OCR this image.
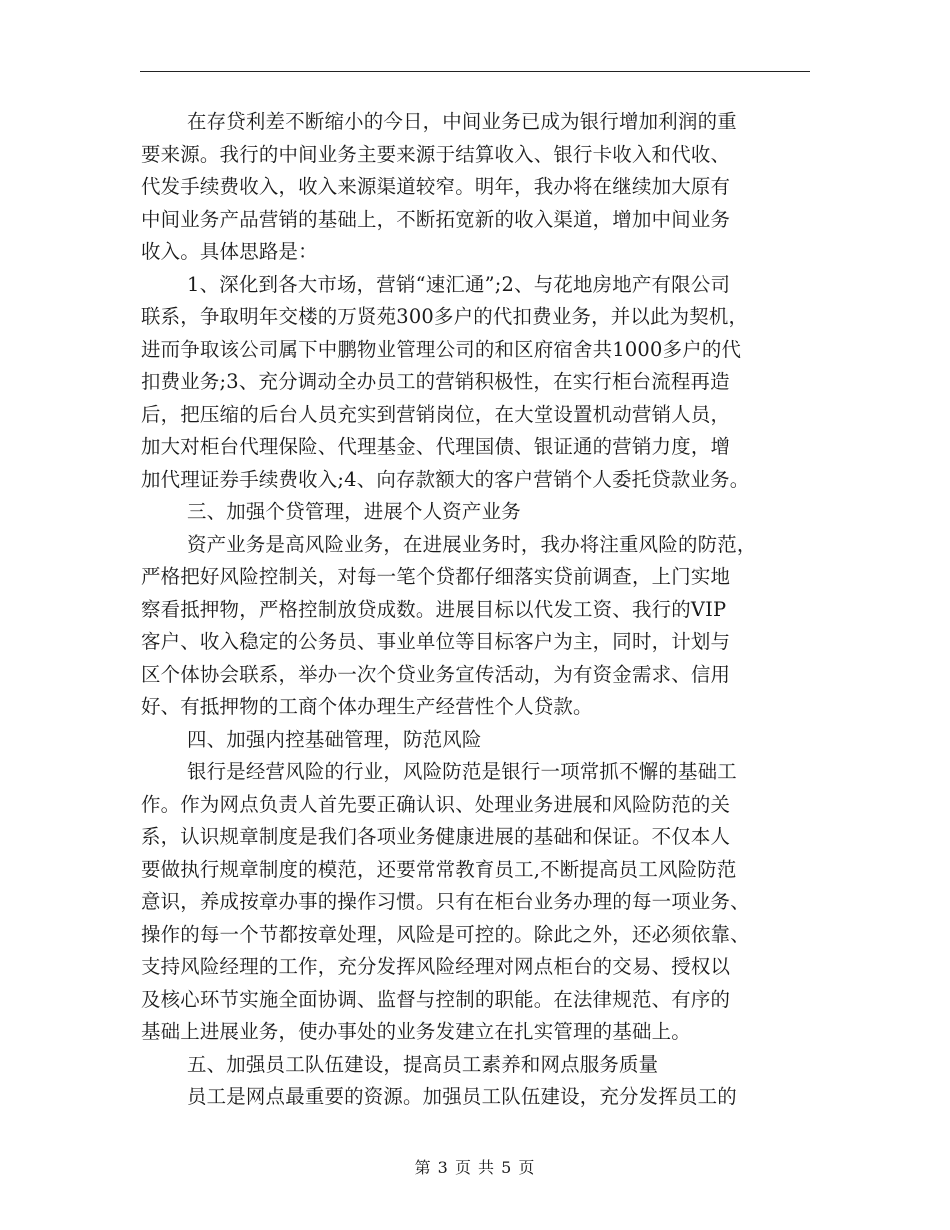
在存贷利差不断缩小的今日，中间业务已成为银行增加利润的重
要来源。我行的中间业务主要来源于结算收入、银行卡收入和代收、
代发手续费收入，收入来源渠道较窄。明年，我办将在继续加大原有
中间业务产品营销的基础上，不断拓宽新的收入渠道，增加中间业务
收入。具体思路是：
1、深化到各大市场，营销“速汇通”;2、与花地房地产有限公司
联系，争取明年交楼的万贤苑300多户的代扣费业务，并以此为契机，
进而争取该公司属下中鹏物业管理公司的和区府宿舍共1000多户的代
扣费业务;3、充分调动全办员工的营销积极性，在实行柜台流程再造
后，把压缩的后台人员充实到营销岗位，在大堂设置机动营销人员，
加大对柜台代理保险、代理基金、代理国债、银证通的营销力度，增
加代理证券手续费收入;4、向存款额大的客户营销个人委托贷款业务。
三、加强个贷管理，进展个人资产业务
资产业务是高风险业务，在进展业务时，我办将注重风险的防范，
严格把好风险控制关，对每一笔个贷都仔细落实贷前调查，上门实地
察看抵押物，严格控制放贷成数。进展目标以代发工资、我行的VIP
客户、收入稳定的公务员、事业单位等目标客户为主，同时，计划与
区个体协会联系，举办一次个贷业务宣传活动，为有资金需求、信用
好、有抵押物的工商个体办理生产经营性个人贷款。
四、加强内控基础管理，防范风险
银行是经营风险的行业，风险防范是银行一项常抓不懈的基础工
作。作为网点负责人首先要正确认识、处理业务进展和风险防范的关
系，认识规章制度是我们各项业务健康进展的基础和保证。不仅本人
要做执行规章制度的模范，还要常常教育员工,不断提高员工风险防范
意识，养成按章办事的操作习惯。只有在柜台业务办理的每一项业务、
操作的每一个节都按章处理，风险是可控的。除此之外，还必须依靠、
支持风险经理的工作，充分发挥风险经理对网点柜台的交易、授权以
及核心环节实施全面协调、监督与控制的职能。在法律规范、有序的
基础上进展业务，使办事处的业务发建立在扎实管理的基础上。
五、加强员工队伍建设，提高员工素养和网点服务质量
员工是网点最重要的资源。加强员工队伍建设，充分发挥员工的
第 3 页 共 5 页
